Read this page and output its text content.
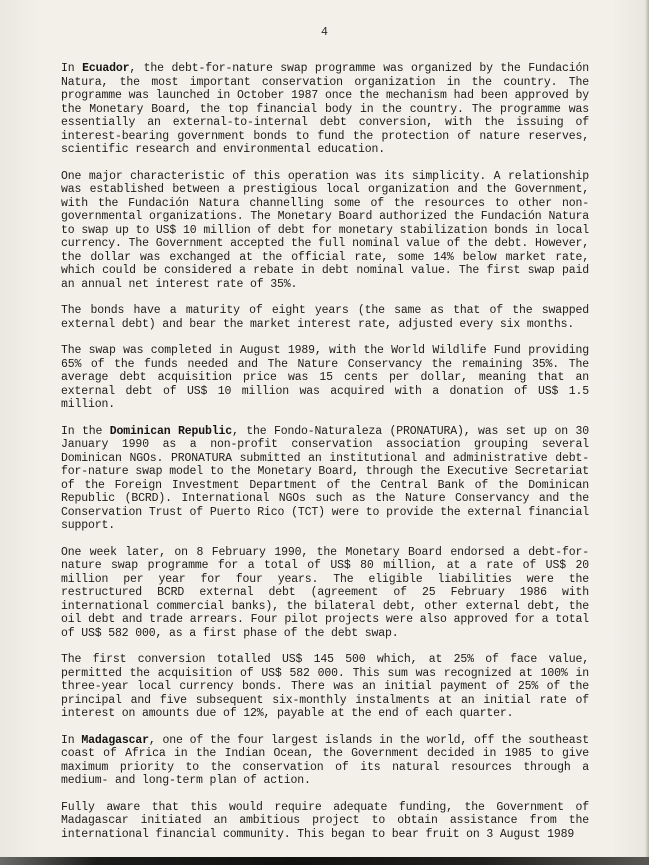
4

In Ecuador, the debt-for-nature swap programme was organized by the Fundación Natura, the most important conservation organization in the country. The programme was launched in October 1987 once the mechanism had been approved by the Monetary Board, the top financial body in the country. The programme was essentially an external-to-internal debt conversion, with the issuing of interest-bearing government bonds to fund the protection of nature reserves, scientific research and environmental education.

One major characteristic of this operation was its simplicity. A relationship was established between a prestigious local organization and the Government, with the Fundación Natura channelling some of the resources to other non-governmental organizations. The Monetary Board authorized the Fundación Natura to swap up to US$ 10 million of debt for monetary stabilization bonds in local currency. The Government accepted the full nominal value of the debt. However, the dollar was exchanged at the official rate, some 14% below market rate, which could be considered a rebate in debt nominal value. The first swap paid an annual net interest rate of 35%.

The bonds have a maturity of eight years (the same as that of the swapped external debt) and bear the market interest rate, adjusted every six months.

The swap was completed in August 1989, with the World Wildlife Fund providing 65% of the funds needed and The Nature Conservancy the remaining 35%. The average debt acquisition price was 15 cents per dollar, meaning that an external debt of US$ 10 million was acquired with a donation of US$ 1.5 million.

In the Dominican Republic, the Fondo-Naturaleza (PRONATURA), was set up on 30 January 1990 as a non-profit conservation association grouping several Dominican NGOs. PRONATURA submitted an institutional and administrative debt-for-nature swap model to the Monetary Board, through the Executive Secretariat of the Foreign Investment Department of the Central Bank of the Dominican Republic (BCRD). International NGOs such as the Nature Conservancy and the Conservation Trust of Puerto Rico (TCT) were to provide the external financial support.

One week later, on 8 February 1990, the Monetary Board endorsed a debt-for-nature swap programme for a total of US$ 80 million, at a rate of US$ 20 million per year for four years. The eligible liabilities were the restructured BCRD external debt (agreement of 25 February 1986 with international commercial banks), the bilateral debt, other external debt, the oil debt and trade arrears. Four pilot projects were also approved for a total of US$ 582 000, as a first phase of the debt swap.

The first conversion totalled US$ 145 500 which, at 25% of face value, permitted the acquisition of US$ 582 000. This sum was recognized at 100% in three-year local currency bonds. There was an initial payment of 25% of the principal and five subsequent six-monthly instalments at an initial rate of interest on amounts due of 12%, payable at the end of each quarter.

In Madagascar, one of the four largest islands in the world, off the southeast coast of Africa in the Indian Ocean, the Government decided in 1985 to give maximum priority to the conservation of its natural resources through a medium- and long-term plan of action.

Fully aware that this would require adequate funding, the Government of Madagascar initiated an ambitious project to obtain assistance from the international financial community. This began to bear fruit on 3 August 1989
